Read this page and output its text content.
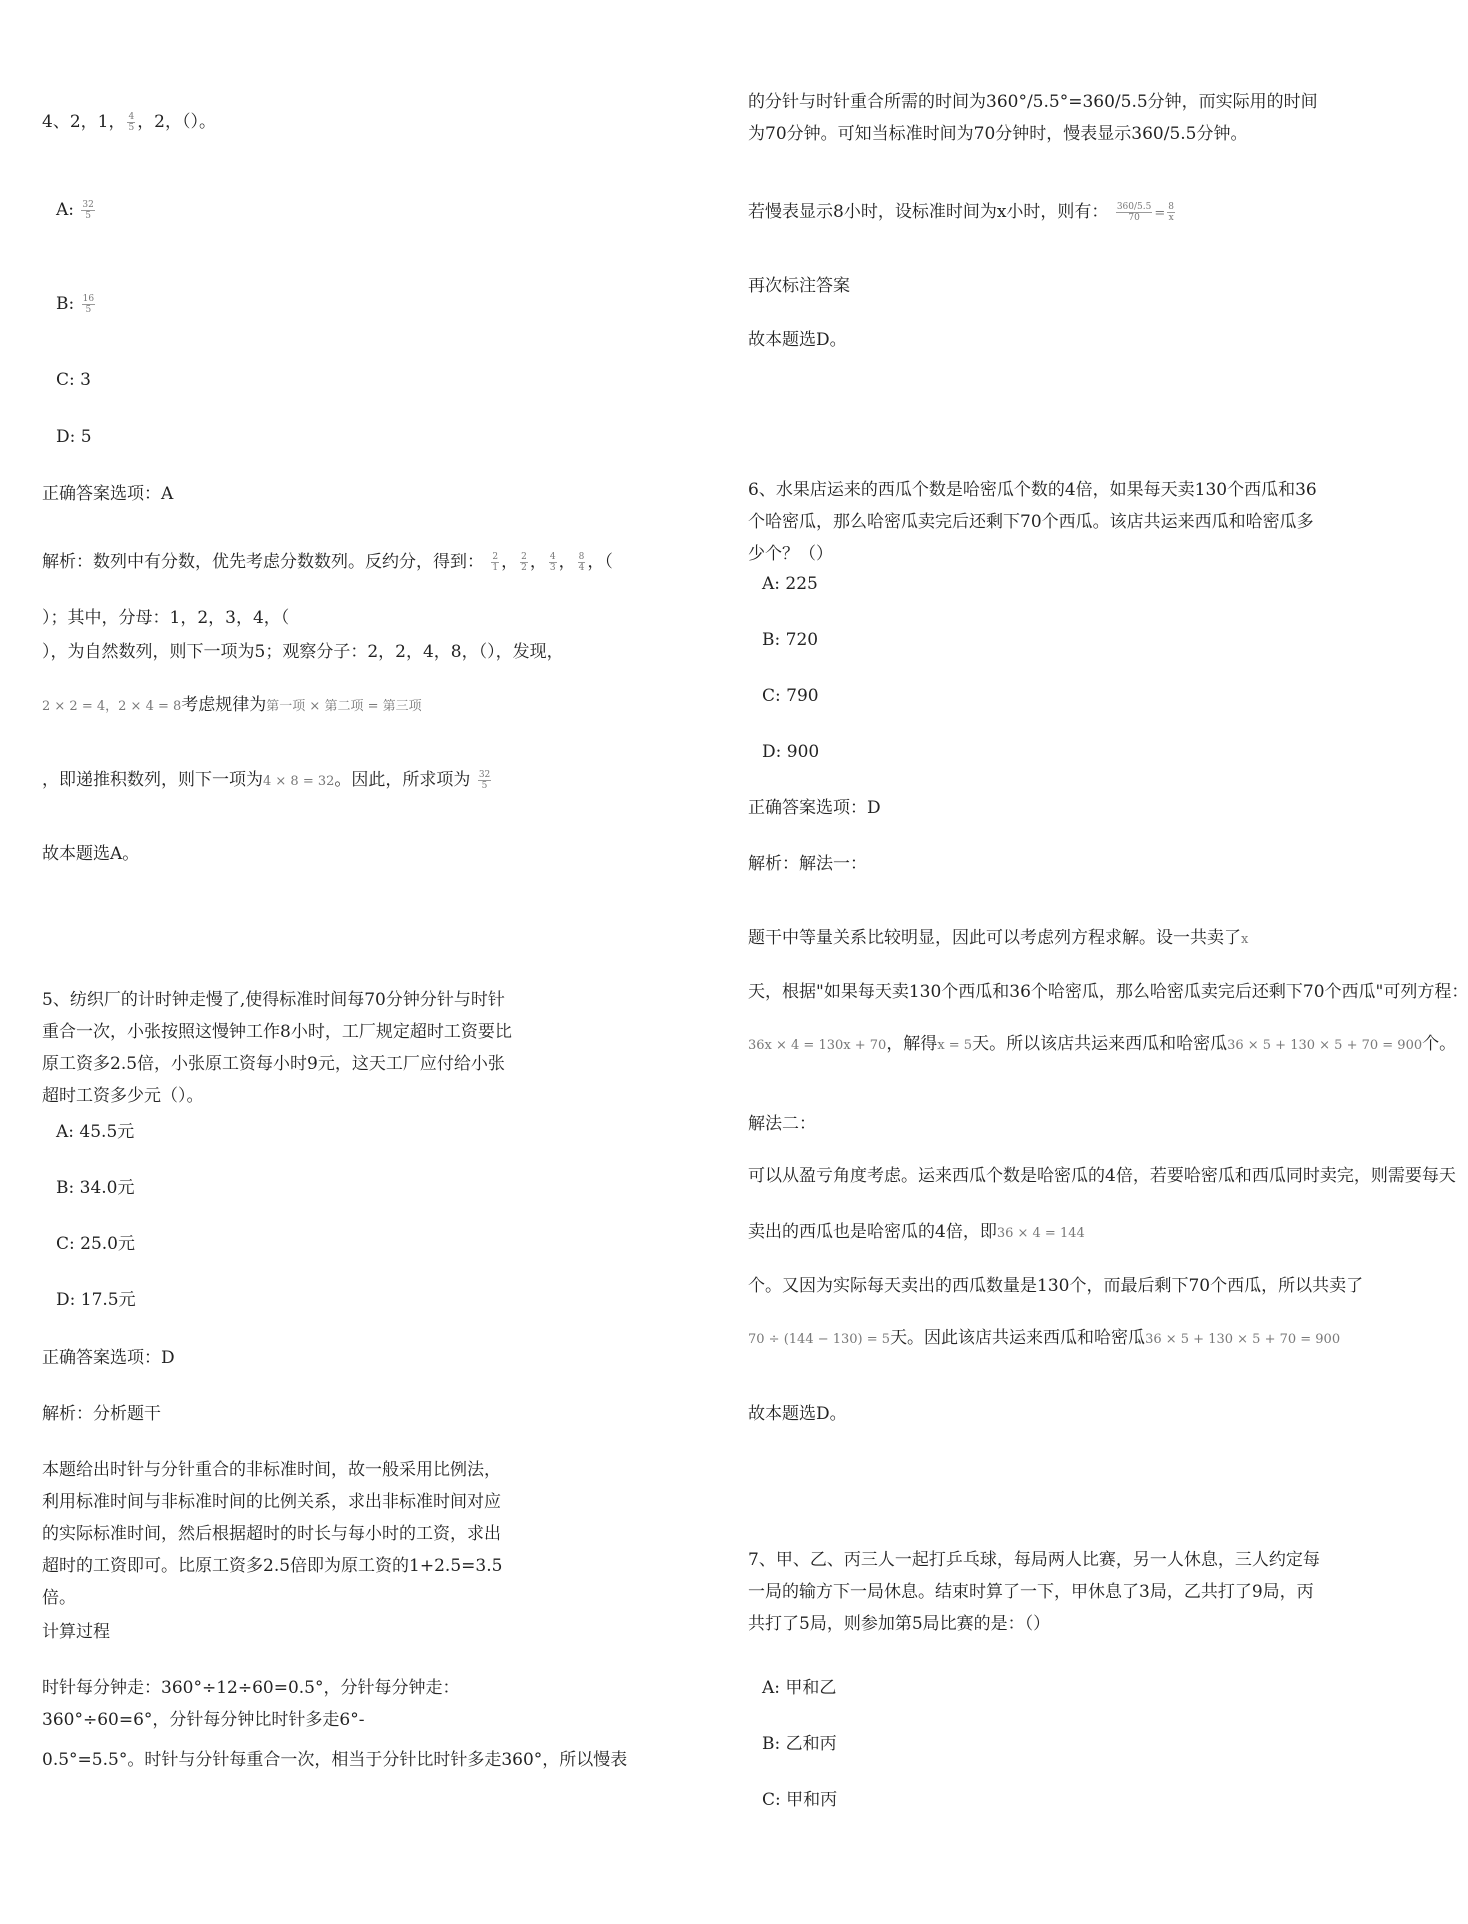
4、2，1， $\frac{4}{5}$ ，2，（）。
A: $\frac{32}{5}$
B: $\frac{16}{5}$
C: 3
D: 5
正确答案选项：A
解析：数列中有分数，优先考虑分数数列。反约分，得到： $\frac{2}{1}$ ， $\frac{2}{2}$ ， $\frac{4}{3}$ ， $\frac{8}{4}$ ，（
）；其中，分母：1，2，3，4，（
），为自然数列，则下一项为5；观察分子：2，2，4，8，（），发现，
2 × 2 = 4，2 × 4 = 8考虑规律为第一项 × 第二项 = 第三项
，即递推积数列，则下一项为4 × 8 = 32。因此，所求项为 $\frac{32}{5}$
故本题选A。
5、纺织厂的计时钟走慢了,使得标准时间每70分钟分针与时针重合一次，小张按照这慢钟工作8小时，工厂规定超时工资要比原工资多2.5倍，小张原工资每小时9元，这天工厂应付给小张超时工资多少元（）。
A: 45.5元
B: 34.0元
C: 25.0元
D: 17.5元
正确答案选项：D
解析：分析题干
本题给出时针与分针重合的非标准时间，故一般采用比例法，利用标准时间与非标准时间的比例关系，求出非标准时间对应的实际标准时间，然后根据超时的时长与每小时的工资，求出超时的工资即可。比原工资多2.5倍即为原工资的1+2.5=3.5倍。
计算过程
时针每分钟走：360°÷12÷60=0.5°，分针每分钟走：360°÷60=6°，分针每分钟比时针多走6°-
0.5°=5.5°。时针与分针每重合一次，相当于分针比时针多走360°，所以慢表
的分针与时针重合所需的时间为360°/5.5°=360/5.5分钟，而实际用的时间为70分钟。可知当标准时间为70分钟时，慢表显示360/5.5分钟。
若慢表显示8小时，设标准时间为x小时，则有： $\frac{360/5.5}{70} = \frac{8}{x}$
再次标注答案
故本题选D。
6、水果店运来的西瓜个数是哈密瓜个数的4倍，如果每天卖130个西瓜和36个哈密瓜，那么哈密瓜卖完后还剩下70个西瓜。该店共运来西瓜和哈密瓜多少个？（）
A: 225
B: 720
C: 790
D: 900
正确答案选项：D
解析：解法一：
题干中等量关系比较明显，因此可以考虑列方程求解。设一共卖了x
天，根据"如果每天卖130个西瓜和36个哈密瓜，那么哈密瓜卖完后还剩下70个西瓜"可列方程：
36x × 4 = 130x + 70，解得x = 5天。所以该店共运来西瓜和哈密瓜36 × 5 + 130 × 5 + 70 = 900个。
解法二：
可以从盈亏角度考虑。运来西瓜个数是哈密瓜的4倍，若要哈密瓜和西瓜同时卖完，则需要每天
卖出的西瓜也是哈密瓜的4倍，即36 × 4 = 144
个。又因为实际每天卖出的西瓜数量是130个，而最后剩下70个西瓜，所以共卖了
70 ÷ (144 − 130) = 5天。因此该店共运来西瓜和哈密瓜36 × 5 + 130 × 5 + 70 = 900
故本题选D。
7、甲、乙、丙三人一起打乒乓球，每局两人比赛，另一人休息，三人约定每一局的输方下一局休息。结束时算了一下，甲休息了3局，乙共打了9局，丙共打了5局，则参加第5局比赛的是：（）
A: 甲和乙
B: 乙和丙
C: 甲和丙
